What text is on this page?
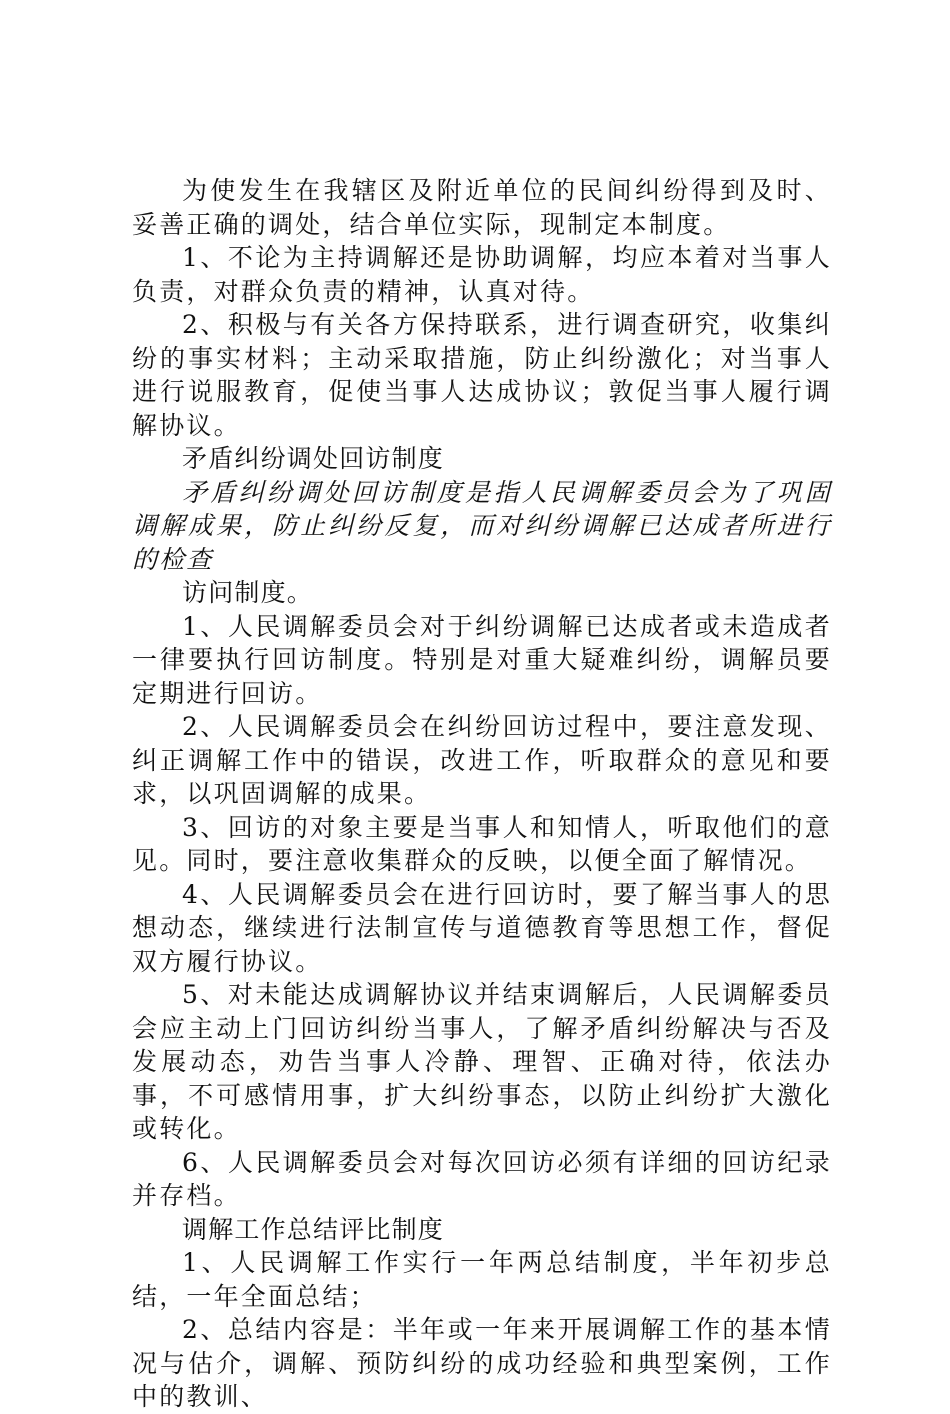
为使发生在我辖区及附近单位的民间纠纷得到及时、妥善正确的调处，结合单位实际，现制定本制度。

1、不论为主持调解还是协助调解，均应本着对当事人负责，对群众负责的精神，认真对待。

2、积极与有关各方保持联系，进行调查研究，收集纠纷的事实材料；主动采取措施，防止纠纷激化；对当事人进行说服教育，促使当事人达成协议；敦促当事人履行调解协议。

矛盾纠纷调处回访制度

矛盾纠纷调处回访制度是指人民调解委员会为了巩固调解成果，防止纠纷反复，而对纠纷调解已达成者所进行的检查

访问制度。

1、人民调解委员会对于纠纷调解已达成者或未造成者一律要执行回访制度。特别是对重大疑难纠纷，调解员要定期进行回访。

2、人民调解委员会在纠纷回访过程中，要注意发现、纠正调解工作中的错误，改进工作，听取群众的意见和要求，以巩固调解的成果。

3、回访的对象主要是当事人和知情人，听取他们的意见。同时，要注意收集群众的反映，以便全面了解情况。

4、人民调解委员会在进行回访时，要了解当事人的思想动态，继续进行法制宣传与道德教育等思想工作，督促双方履行协议。

5、对未能达成调解协议并结束调解后，人民调解委员会应主动上门回访纠纷当事人，了解矛盾纠纷解决与否及发展动态，劝告当事人冷静、理智、正确对待，依法办事，不可感情用事，扩大纠纷事态，以防止纠纷扩大激化或转化。

6、人民调解委员会对每次回访必须有详细的回访纪录并存档。

调解工作总结评比制度

1、人民调解工作实行一年两总结制度，半年初步总结，一年全面总结；

2、总结内容是：半年或一年来开展调解工作的基本情况与估介，调解、预防纠纷的成功经验和典型案例，工作中的教训、
